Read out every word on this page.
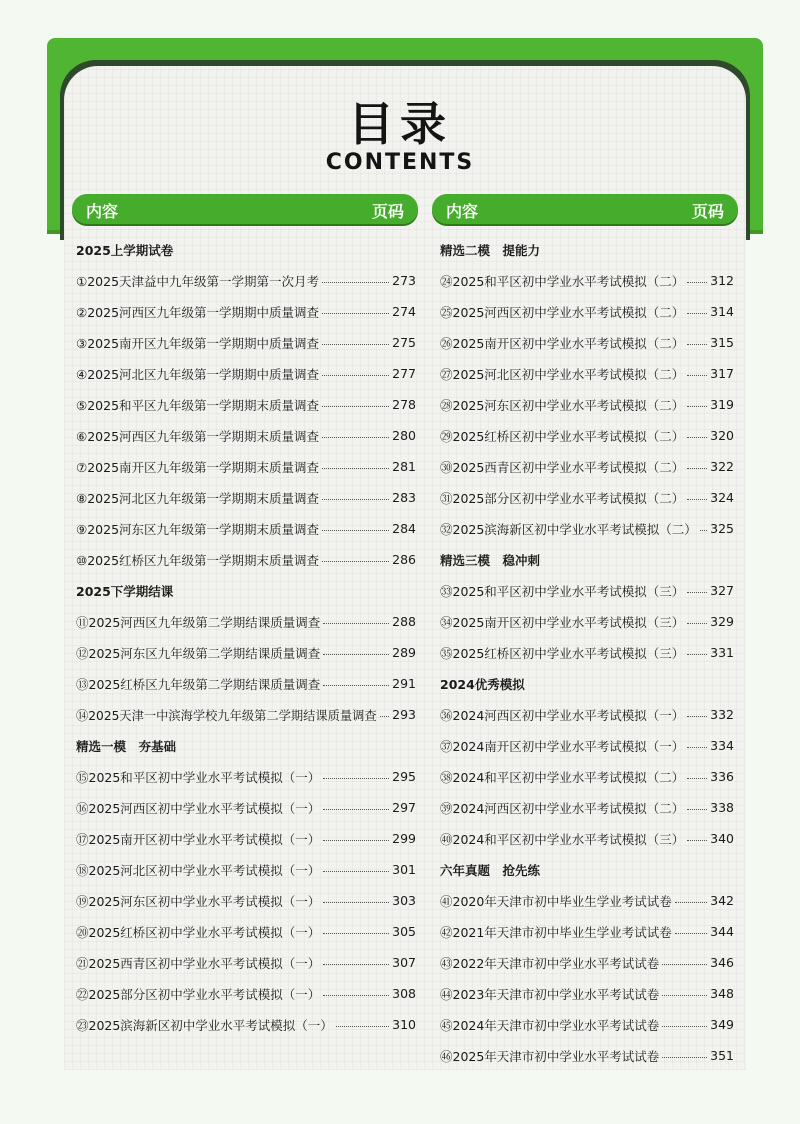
目录
CONTENTS
内容	页码	内容	页码
2025上学期试卷
①2025天津益中九年级第一学期第一次月考	273
②2025河西区九年级第一学期期中质量调查	274
③2025南开区九年级第一学期期中质量调查	275
④2025河北区九年级第一学期期中质量调查	277
⑤2025和平区九年级第一学期期末质量调查	278
⑥2025河西区九年级第一学期期末质量调查	280
⑦2025南开区九年级第一学期期末质量调查	281
⑧2025河北区九年级第一学期期末质量调查	283
⑨2025河东区九年级第一学期期末质量调查	284
⑩2025红桥区九年级第一学期期末质量调查	286
2025下学期结课
⑪2025河西区九年级第二学期结课质量调查	288
⑫2025河东区九年级第二学期结课质量调查	289
⑬2025红桥区九年级第二学期结课质量调查	291
⑭2025天津一中滨海学校九年级第二学期结课质量调查 293
精选一模　夯基础
⑮2025和平区初中学业水平考试模拟（一）	295
⑯2025河西区初中学业水平考试模拟（一）	297
⑰2025南开区初中学业水平考试模拟（一）	299
⑱2025河北区初中学业水平考试模拟（一）	301
⑲2025河东区初中学业水平考试模拟（一）	303
⑳2025红桥区初中学业水平考试模拟（一）	305
㉑2025西青区初中学业水平考试模拟（一）	307
㉒2025部分区初中学业水平考试模拟（一）	308
㉓2025滨海新区初中学业水平考试模拟（一）	310
精选二模　提能力
㉔2025和平区初中学业水平考试模拟（二） 312
㉕2025河西区初中学业水平考试模拟（二） 314
㉖2025南开区初中学业水平考试模拟（二） 315
㉗2025河北区初中学业水平考试模拟（二） 317
㉘2025河东区初中学业水平考试模拟（二） 319
㉙2025红桥区初中学业水平考试模拟（二） 320
㉚2025西青区初中学业水平考试模拟（二） 322
㉛2025部分区初中学业水平考试模拟（二） 324
㉜2025滨海新区初中学业水平考试模拟（二） 325
精选三模　稳冲刺
㉝2025和平区初中学业水平考试模拟（三） 327
㉞2025南开区初中学业水平考试模拟（三） 329
㉟2025红桥区初中学业水平考试模拟（三） 331
2024优秀模拟
㊱2024河西区初中学业水平考试模拟（一） 332
㊲2024南开区初中学业水平考试模拟（一） 334
㊳2024和平区初中学业水平考试模拟（二） 336
㊴2024河西区初中学业水平考试模拟（二） 338
㊵2024和平区初中学业水平考试模拟（三） 340
六年真题　抢先练
㊶2020年天津市初中毕业生学业考试试卷	342
㊷2021年天津市初中毕业生学业考试试卷	344
㊸2022年天津市初中学业水平考试试卷	346
㊹2023年天津市初中学业水平考试试卷	348
㊺2024年天津市初中学业水平考试试卷	349
㊻2025年天津市初中学业水平考试试卷	351
